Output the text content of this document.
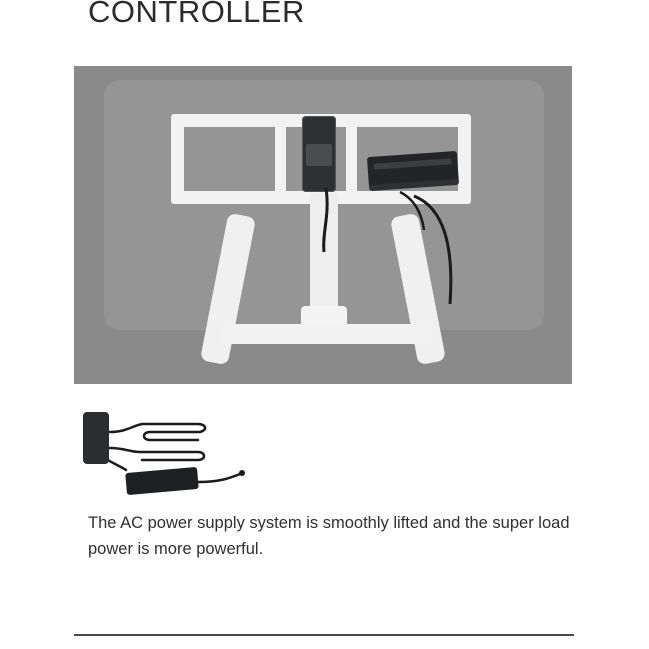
CONTROLLER
The AC power supply system is smoothly lifted and the super load power is more powerful.
